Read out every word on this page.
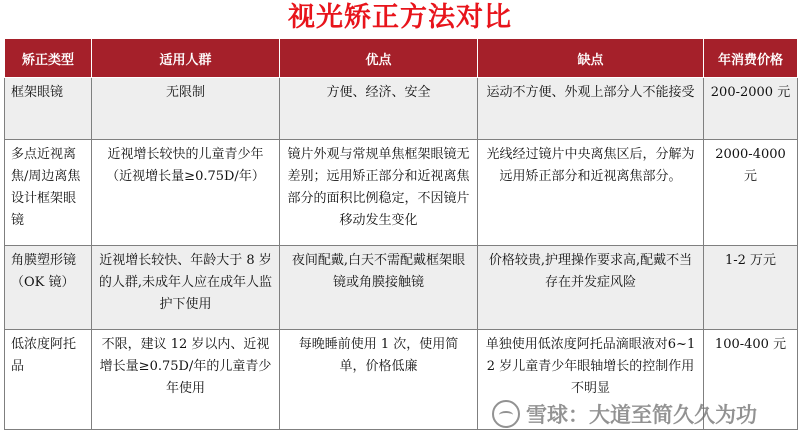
视光矫正方法对比
矫正类型	适用人群	优点	缺点	年消费价格
框架眼镜	无限制	方便、经济、安全	运动不方便、外观上部分人不能接受	200-2000 元
多点近视离焦/周边离焦设计框架眼镜	近视增长较快的儿童青少年（近视增长量≥0.75D/年）	镜片外观与常规单焦框架眼镜无差别；远用矫正部分和近视离焦部分的面积比例稳定，不因镜片移动发生变化	光线经过镜片中央离焦区后，分解为远用矫正部分和近视离焦部分。	2000-4000 元
角膜塑形镜（OK 镜）	近视增长较快、年龄大于 8 岁的人群,未成年人应在成年人监护下使用	夜间配戴,白天不需配戴框架眼镜或角膜接触镜	价格较贵,护理操作要求高,配戴不当存在并发症风险	1-2 万元
低浓度阿托品	不限，建议 12 岁以内、近视增长量≥0.75D/年的儿童青少年使用	每晚睡前使用 1 次，使用简单，价格低廉	单独使用低浓度阿托品滴眼液对6~12 岁儿童青少年眼轴增长的控制作用不明显	100-400 元
雪球：大道至简久久为功
